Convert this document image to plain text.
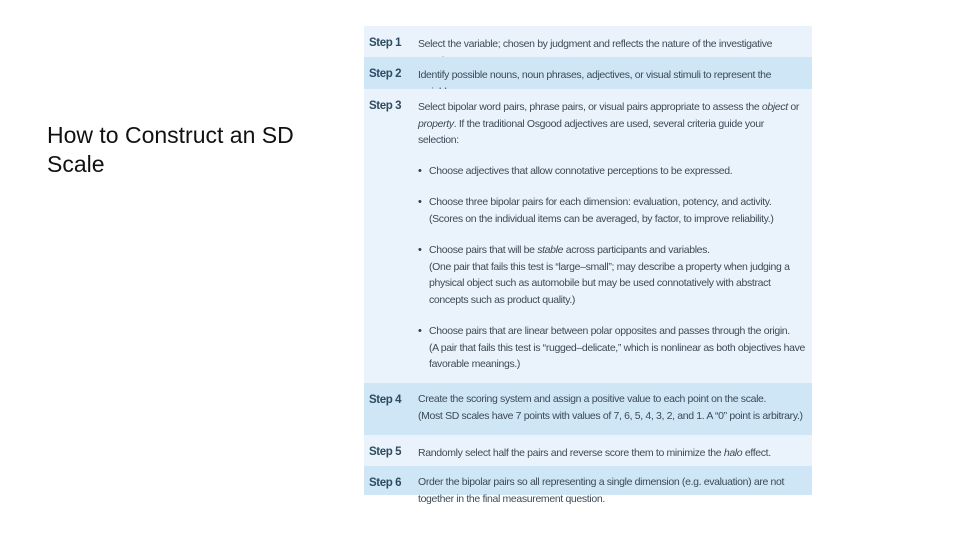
How to Construct an SD Scale
Step 1	Select the variable; chosen by judgment and reflects the nature of the investigative

Step 2	Identify possible nouns, noun phrases, adjectives, or visual stimuli to represent the

Step 3	Select bipolar word pairs, phrase pairs, or visual pairs appropriate to assess the object or property. If the traditional Osgood adjectives are used, several criteria guide your selection:

• Choose adjectives that allow connotative perceptions to be expressed.

• Choose three bipolar pairs for each dimension: evaluation, potency, and activity.

(Scores on the individual items can be averaged, by factor, to improve reliability.)

• Choose pairs that will be stable across participants and variables.

(One pair that fails this test is “large–small”; may describe a property when judging a physical object such as automobile but may be used connotatively with abstract concepts such as product quality.)

• Choose pairs that are linear between polar opposites and passes through the origin.

(A pair that fails this test is “rugged–delicate,” which is nonlinear as both objectives have favorable meanings.)

Step 4	Create the scoring system and assign a positive value to each point on the scale.

(Most SD scales have 7 points with values of 7, 6, 5, 4, 3, 2, and 1. A “0” point is arbitrary.)

Step 5	Randomly select half the pairs and reverse score them to minimize the halo effect.

Step 6	Order the bipolar pairs so all representing a single dimension (e.g. evaluation) are not together in the final measurement question.
